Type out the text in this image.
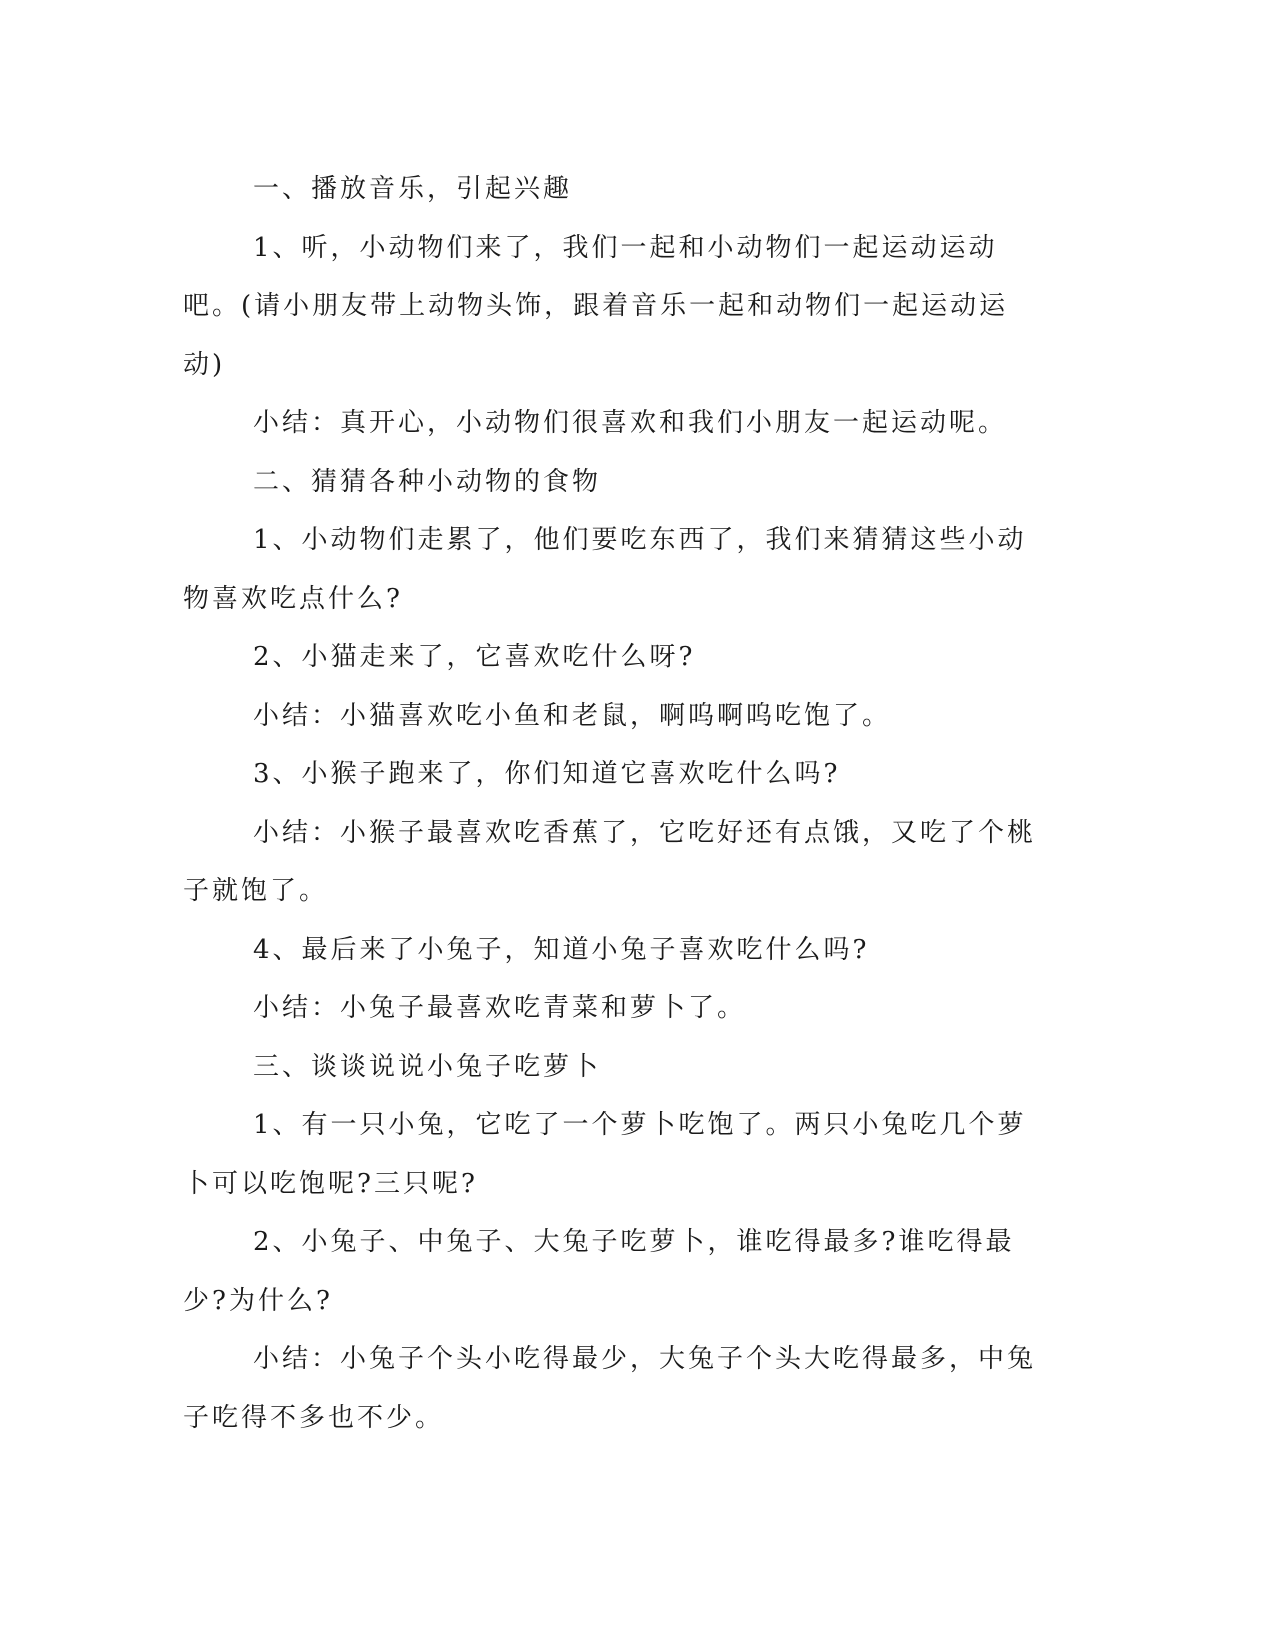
一、播放音乐，引起兴趣

1、听，小动物们来了，我们一起和小动物们一起运动运动吧。(请小朋友带上动物头饰，跟着音乐一起和动物们一起运动运动)

小结：真开心，小动物们很喜欢和我们小朋友一起运动呢。

二、猜猜各种小动物的食物

1、小动物们走累了，他们要吃东西了，我们来猜猜这些小动物喜欢吃点什么?

2、小猫走来了，它喜欢吃什么呀?

小结：小猫喜欢吃小鱼和老鼠，啊呜啊呜吃饱了。

3、小猴子跑来了，你们知道它喜欢吃什么吗?

小结：小猴子最喜欢吃香蕉了，它吃好还有点饿，又吃了个桃子就饱了。

4、最后来了小兔子，知道小兔子喜欢吃什么吗?

小结：小兔子最喜欢吃青菜和萝卜了。

三、谈谈说说小兔子吃萝卜

1、有一只小兔，它吃了一个萝卜吃饱了。两只小兔吃几个萝卜可以吃饱呢?三只呢?

2、小兔子、中兔子、大兔子吃萝卜，谁吃得最多?谁吃得最少?为什么?

小结：小兔子个头小吃得最少，大兔子个头大吃得最多，中兔子吃得不多也不少。
